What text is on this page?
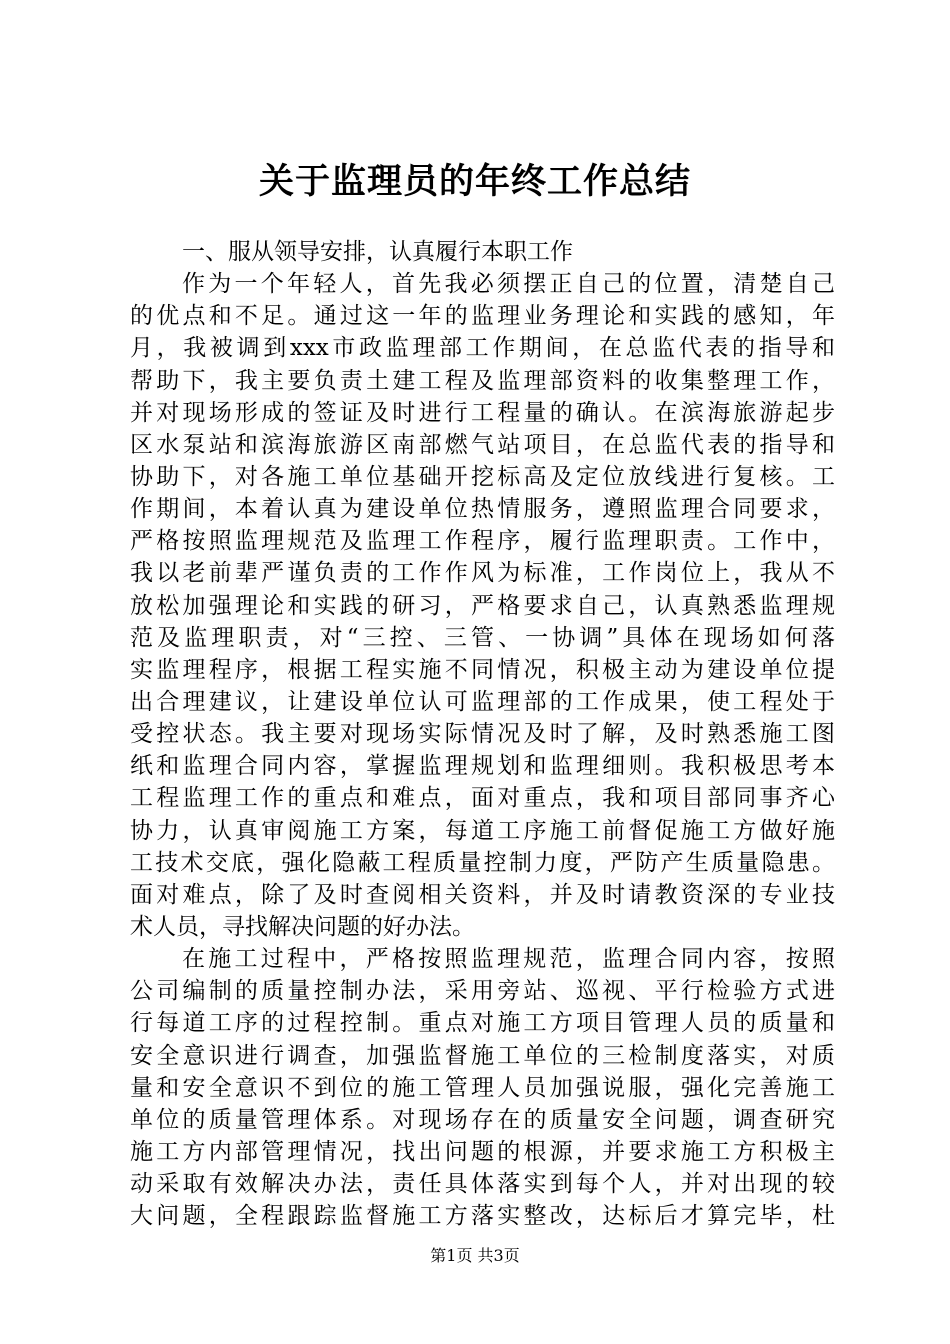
关于监理员的年终工作总结
一、服从领导安排，认真履行本职工作
作为一个年轻人，首先我必须摆正自己的位置，清楚自己
的优点和不足。通过这一年的监理业务理论和实践的感知，年
月，我被调到xxx市政监理部工作期间，在总监代表的指导和
帮助下，我主要负责土建工程及监理部资料的收集整理工作，
并对现场形成的签证及时进行工程量的确认。在滨海旅游起步
区水泵站和滨海旅游区南部燃气站项目，在总监代表的指导和
协助下，对各施工单位基础开挖标高及定位放线进行复核。工
作期间，本着认真为建设单位热情服务，遵照监理合同要求，
严格按照监理规范及监理工作程序，履行监理职责。工作中，
我以老前辈严谨负责的工作作风为标准，工作岗位上，我从不
放松加强理论和实践的研习，严格要求自己，认真熟悉监理规
范及监理职责，对“三控、三管、一协调”具体在现场如何落
实监理程序，根据工程实施不同情况，积极主动为建设单位提
出合理建议，让建设单位认可监理部的工作成果，使工程处于
受控状态。我主要对现场实际情况及时了解，及时熟悉施工图
纸和监理合同内容，掌握监理规划和监理细则。我积极思考本
工程监理工作的重点和难点，面对重点，我和项目部同事齐心
协力，认真审阅施工方案，每道工序施工前督促施工方做好施
工技术交底，强化隐蔽工程质量控制力度，严防产生质量隐患。
面对难点，除了及时查阅相关资料，并及时请教资深的专业技
术人员，寻找解决问题的好办法。
在施工过程中，严格按照监理规范，监理合同内容，按照
公司编制的质量控制办法，采用旁站、巡视、平行检验方式进
行每道工序的过程控制。重点对施工方项目管理人员的质量和
安全意识进行调查，加强监督施工单位的三检制度落实，对质
量和安全意识不到位的施工管理人员加强说服，强化完善施工
单位的质量管理体系。对现场存在的质量安全问题，调查研究
施工方内部管理情况，找出问题的根源，并要求施工方积极主
动采取有效解决办法，责任具体落实到每个人，并对出现的较
大问题，全程跟踪监督施工方落实整改，达标后才算完毕，杜
第1页 共3页
